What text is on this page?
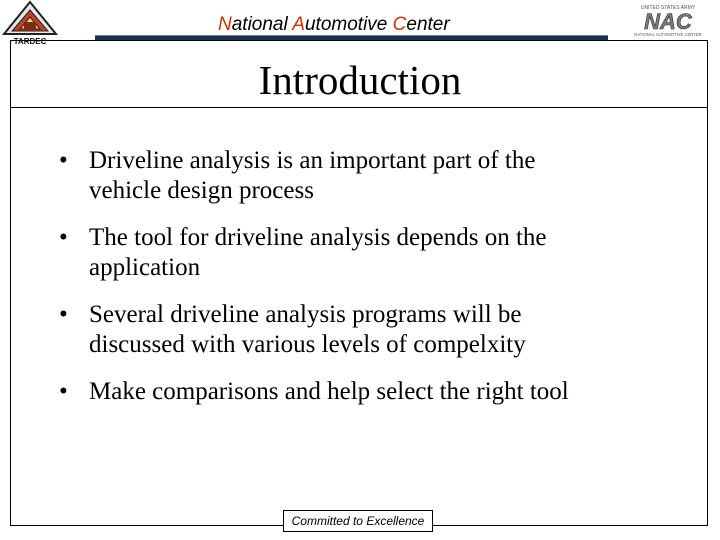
TARDEC
National Automotive Center
UNITED STATES ARMY
NAC
NATIONAL AUTOMOTIVE CENTER
Introduction
• Driveline analysis is an important part of the
vehicle design process
• The tool for driveline analysis depends on the
application
• Several driveline analysis programs will be
discussed with various levels of compelxity
• Make comparisons and help select the right tool
Committed to Excellence
